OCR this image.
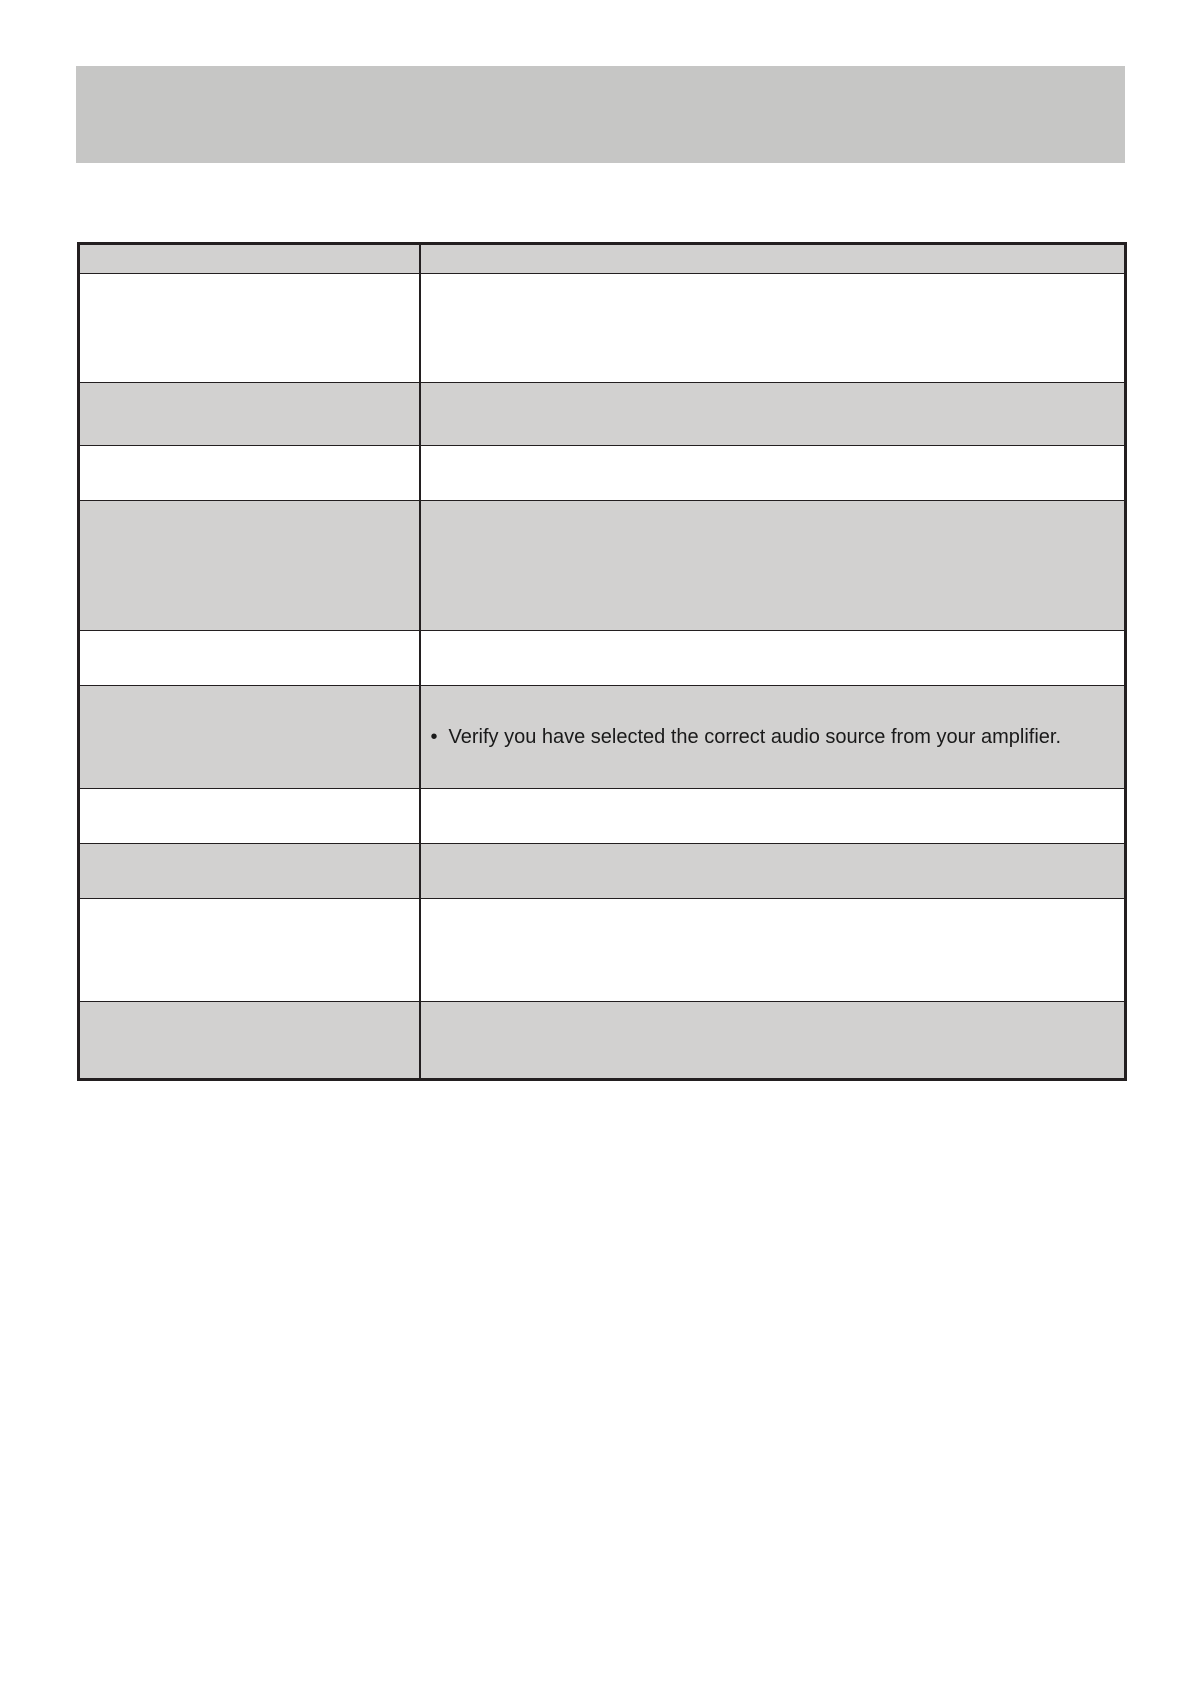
	• Verify you have selected the correct audio source from your amplifier.
